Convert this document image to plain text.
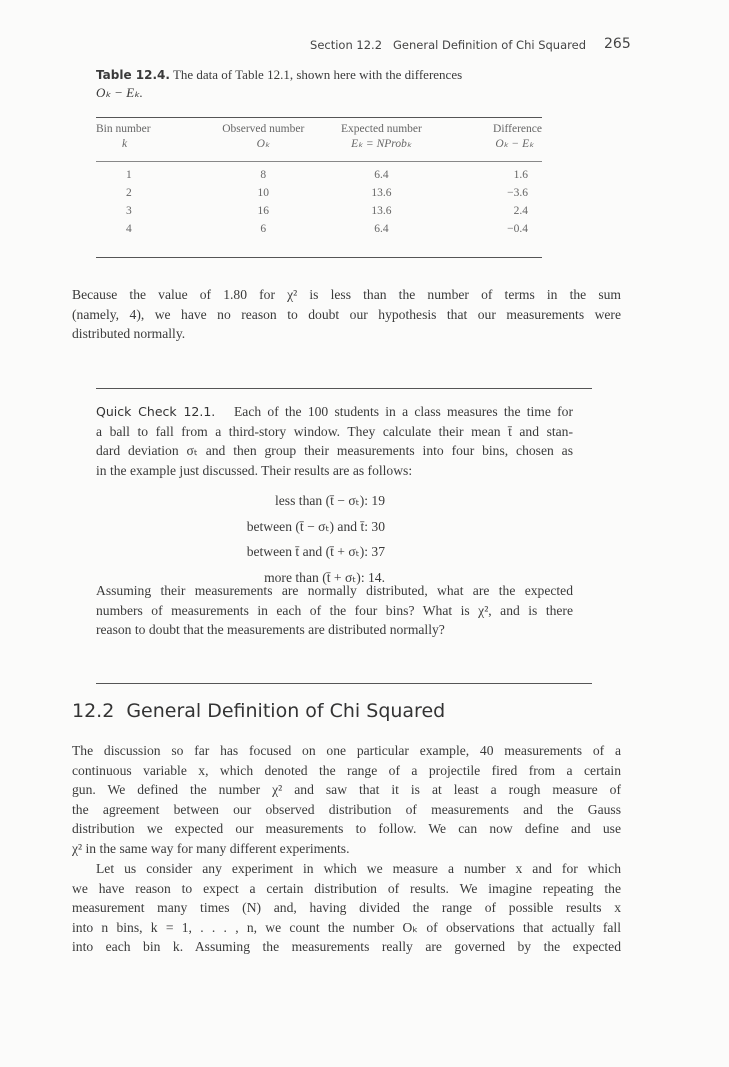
Section 12.2   General Definition of Chi Squared 265
Table 12.4. The data of Table 12.1, shown here with the differences
Oₖ − Eₖ.
Bin number	Observed number	Expected number	Difference
k	Oₖ	Eₖ = NProbₖ	Oₖ − Eₖ

1	8	6.4	1.6
2	10	13.6	−3.6
3	16	13.6	2.4
4	6	6.4	−0.4
Because the value of 1.80 for χ² is less than the number of terms in the sum
(namely, 4), we have no reason to doubt our hypothesis that our measurements were
distributed normally.
Quick Check 12.1. Each of the 100 students in a class measures the time for
a ball to fall from a third-story window. They calculate their mean t̄ and stan-
dard deviation σₜ and then group their measurements into four bins, chosen as
in the example just discussed. Their results are as follows:
less than (t̄ − σₜ): 19
between (t̄ − σₜ) and t̄: 30
between t̄ and (t̄ + σₜ): 37
more than (t̄ + σₜ): 14.
Assuming their measurements are normally distributed, what are the expected
numbers of measurements in each of the four bins? What is χ², and is there
reason to doubt that the measurements are distributed normally?
12.2 General Definition of Chi Squared
The discussion so far has focused on one particular example, 40 measurements of a
continuous variable x, which denoted the range of a projectile fired from a certain
gun. We defined the number χ² and saw that it is at least a rough measure of
the agreement between our observed distribution of measurements and the Gauss
distribution we expected our measurements to follow. We can now define and use
χ² in the same way for many different experiments.
Let us consider any experiment in which we measure a number x and for which
we have reason to expect a certain distribution of results. We imagine repeating the
measurement many times (N) and, having divided the range of possible results x
into n bins, k = 1, . . . , n, we count the number Oₖ of observations that actually fall
into each bin k. Assuming the measurements really are governed by the expected
